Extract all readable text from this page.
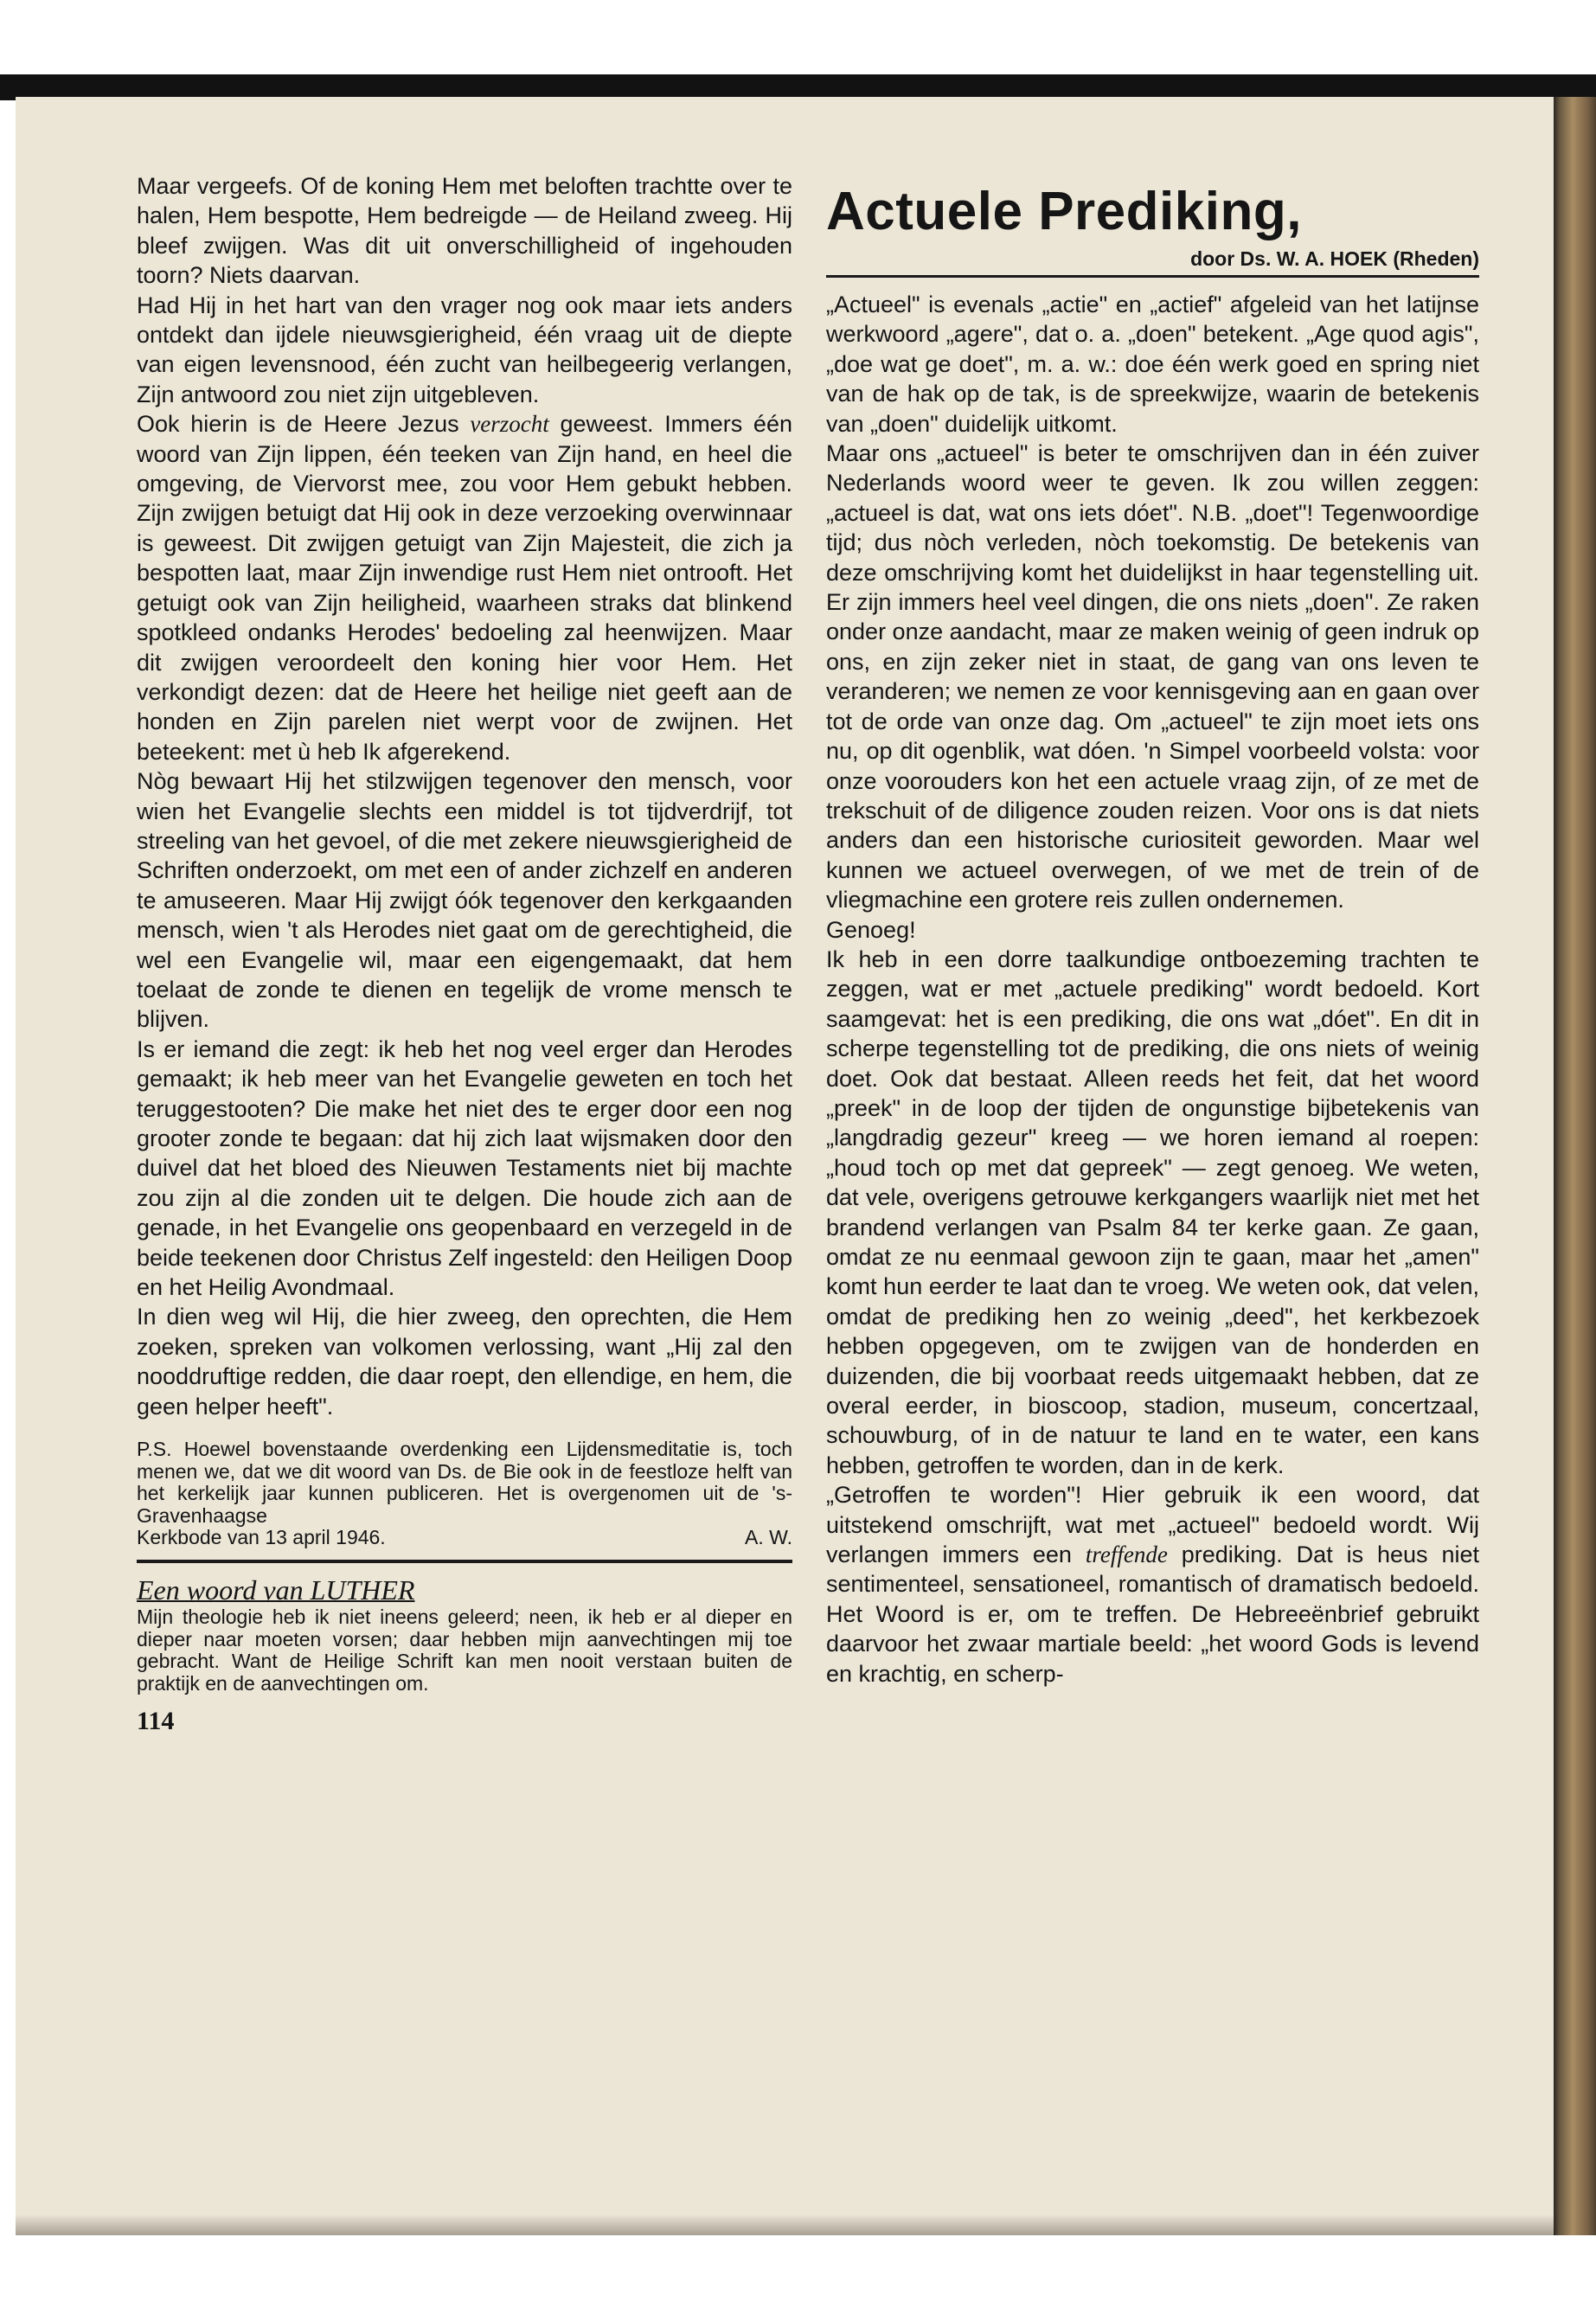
Maar vergeefs. Of de koning Hem met beloften trachtte over te halen, Hem bespotte, Hem bedreigde — de Heiland zweeg. Hij bleef zwijgen. Was dit uit onverschilligheid of ingehouden toorn? Niets daarvan.

Had Hij in het hart van den vrager nog ook maar iets anders ontdekt dan ijdele nieuwsgierigheid, één vraag uit de diepte van eigen levensnood, één zucht van heilbegeerig verlangen, Zijn antwoord zou niet zijn uitgebleven.

Ook hierin is de Heere Jezus verzocht geweest. Immers één woord van Zijn lippen, één teeken van Zijn hand, en heel die omgeving, de Viervorst mee, zou voor Hem gebukt hebben. Zijn zwijgen betuigt dat Hij ook in deze verzoeking overwinnaar is geweest. Dit zwijgen getuigt van Zijn Majesteit, die zich ja bespotten laat, maar Zijn inwendige rust Hem niet ontrooft. Het getuigt ook van Zijn heiligheid, waarheen straks dat blinkend spotkleed ondanks Herodes' bedoeling zal heenwijzen. Maar dit zwijgen veroordeelt den koning hier voor Hem. Het verkondigt dezen: dat de Heere het heilige niet geeft aan de honden en Zijn parelen niet werpt voor de zwijnen. Het beteekent: met ù heb Ik afgerekend.

Nòg bewaart Hij het stilzwijgen tegenover den mensch, voor wien het Evangelie slechts een middel is tot tijdverdrijf, tot streeling van het gevoel, of die met zekere nieuwsgierigheid de Schriften onderzoekt, om met een of ander zichzelf en anderen te amuseeren. Maar Hij zwijgt óók tegenover den kerkgaanden mensch, wien 't als Herodes niet gaat om de gerechtigheid, die wel een Evangelie wil, maar een eigengemaakt, dat hem toelaat de zonde te dienen en tegelijk de vrome mensch te blijven.

Is er iemand die zegt: ik heb het nog veel erger dan Herodes gemaakt; ik heb meer van het Evangelie geweten en toch het teruggestooten? Die make het niet des te erger door een nog grooter zonde te begaan: dat hij zich laat wijsmaken door den duivel dat het bloed des Nieuwen Testaments niet bij machte zou zijn al die zonden uit te delgen. Die houde zich aan de genade, in het Evangelie ons geopenbaard en verzegeld in de beide teekenen door Christus Zelf ingesteld: den Heiligen Doop en het Heilig Avondmaal.

In dien weg wil Hij, die hier zweeg, den oprechten, die Hem zoeken, spreken van volkomen verlossing, want „Hij zal den nooddruftige redden, die daar roept, den ellendige, en hem, die geen helper heeft".

P.S. Hoewel bovenstaande overdenking een Lijdensmeditatie is, toch menen we, dat we dit woord van Ds. de Bie ook in de feestloze helft van het kerkelijk jaar kunnen publiceren. Het is overgenomen uit de 's-Gravenhaagse
Kerkbode van 13 april 1946.	A. W.
Een woord van LUTHER
Mijn theologie heb ik niet ineens geleerd; neen, ik heb er al dieper en dieper naar moeten vorsen; daar hebben mijn aanvechtingen mij toe gebracht. Want de Heilige Schrift kan men nooit verstaan buiten de praktijk en de aanvechtingen om.
114
Actuele Prediking,
door Ds. W. A. HOEK (Rheden)

„Actueel" is evenals „actie" en „actief" afgeleid van het latijnse werkwoord „agere", dat o. a. „doen" betekent. „Age quod agis", „doe wat ge doet", m. a. w.: doe één werk goed en spring niet van de hak op de tak, is de spreekwijze, waarin de betekenis van „doen" duidelijk uitkomt.

Maar ons „actueel" is beter te omschrijven dan in één zuiver Nederlands woord weer te geven. Ik zou willen zeggen: „actueel is dat, wat ons iets dóet". N.B. „doet"! Tegenwoordige tijd; dus nòch verleden, nòch toekomstig. De betekenis van deze omschrijving komt het duidelijkst in haar tegenstelling uit. Er zijn immers heel veel dingen, die ons niets „doen". Ze raken onder onze aandacht, maar ze maken weinig of geen indruk op ons, en zijn zeker niet in staat, de gang van ons leven te veranderen; we nemen ze voor kennisgeving aan en gaan over tot de orde van onze dag. Om „actueel" te zijn moet iets ons nu, op dit ogenblik, wat dóen. 'n Simpel voorbeeld volsta: voor onze voorouders kon het een actuele vraag zijn, of ze met de trekschuit of de diligence zouden reizen. Voor ons is dat niets anders dan een historische curiositeit geworden. Maar wel kunnen we actueel overwegen, of we met de trein of de vliegmachine een grotere reis zullen ondernemen.

Genoeg!

Ik heb in een dorre taalkundige ontboezeming trachten te zeggen, wat er met „actuele prediking" wordt bedoeld. Kort saamgevat: het is een prediking, die ons wat „dóet". En dit in scherpe tegenstelling tot de prediking, die ons niets of weinig doet. Ook dat bestaat. Alleen reeds het feit, dat het woord „preek" in de loop der tijden de ongunstige bijbetekenis van „langdradig gezeur" kreeg — we horen iemand al roepen: „houd toch op met dat gepreek" — zegt genoeg. We weten, dat vele, overigens getrouwe kerkgangers waarlijk niet met het brandend verlangen van Psalm 84 ter kerke gaan. Ze gaan, omdat ze nu eenmaal gewoon zijn te gaan, maar het „amen" komt hun eerder te laat dan te vroeg. We weten ook, dat velen, omdat de prediking hen zo weinig „deed", het kerkbezoek hebben opgegeven, om te zwijgen van de honderden en duizenden, die bij voorbaat reeds uitgemaakt hebben, dat ze overal eerder, in bioscoop, stadion, museum, concertzaal, schouwburg, of in de natuur te land en te water, een kans hebben, getroffen te worden, dan in de kerk.

„Getroffen te worden"! Hier gebruik ik een woord, dat uitstekend omschrijft, wat met „actueel" bedoeld wordt. Wij verlangen immers een treffende prediking. Dat is heus niet sentimenteel, sensationeel, romantisch of dramatisch bedoeld. Het Woord is er, om te treffen. De Hebreeënbrief gebruikt daarvoor het zwaar martiale beeld: „het woord Gods is levend en krachtig, en scherp-
